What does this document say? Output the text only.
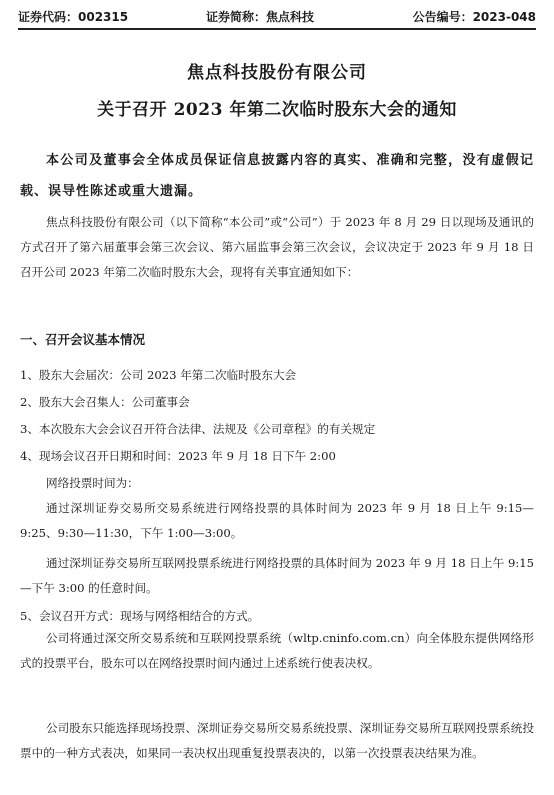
证券代码：002315	证券简称：焦点科技	公告编号：2023-048
焦点科技股份有限公司
关于召开 2023 年第二次临时股东大会的通知
本公司及董事会全体成员保证信息披露内容的真实、准确和完整，没有虚假记载、误导性陈述或重大遗漏。
焦点科技股份有限公司（以下简称“本公司”或“公司”）于 2023 年 8 月 29 日以现场及通讯的方式召开了第六届董事会第三次会议、第六届监事会第三次会议，会议决定于 2023 年 9 月 18 日召开公司 2023 年第二次临时股东大会，现将有关事宜通知如下：
一、召开会议基本情况
1、股东大会届次：公司 2023 年第二次临时股东大会
2、股东大会召集人：公司董事会
3、本次股东大会会议召开符合法律、法规及《公司章程》的有关规定
4、现场会议召开日期和时间：2023 年 9 月 18 日下午 2:00
网络投票时间为：
通过深圳证券交易所交易系统进行网络投票的具体时间为 2023 年 9 月 18 日上午 9:15—9:25、9:30—11:30，下午 1:00—3:00。
通过深圳证券交易所互联网投票系统进行网络投票的具体时间为 2023 年 9 月 18 日上午 9:15—下午 3:00 的任意时间。
5、会议召开方式：现场与网络相结合的方式。
公司将通过深交所交易系统和互联网投票系统（wltp.cninfo.com.cn）向全体股东提供网络形式的投票平台，股东可以在网络投票时间内通过上述系统行使表决权。
公司股东只能选择现场投票、深圳证券交易所交易系统投票、深圳证券交易所互联网投票系统投票中的一种方式表决，如果同一表决权出现重复投票表决的，以第一次投票表决结果为准。
